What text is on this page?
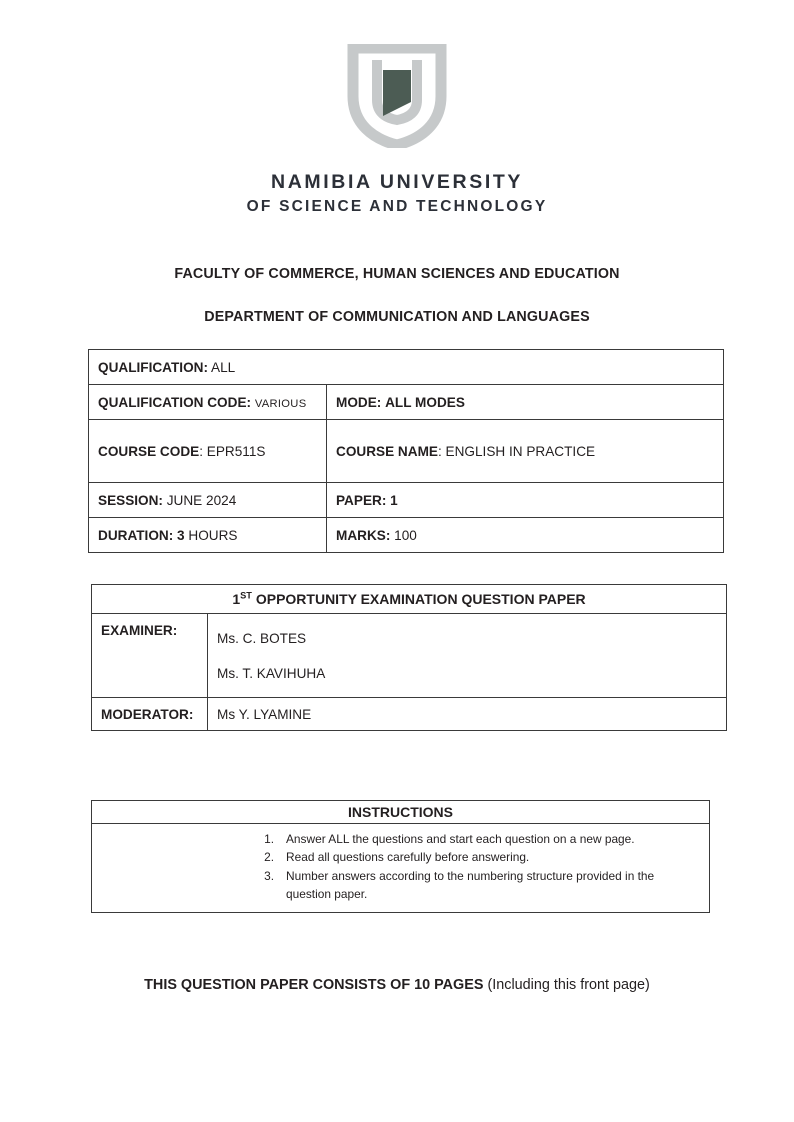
NAMIBIA UNIVERSITY
OF SCIENCE AND TECHNOLOGY
FACULTY OF COMMERCE, HUMAN SCIENCES AND EDUCATION
DEPARTMENT OF COMMUNICATION AND LANGUAGES
QUALIFICATION: ALL	
QUALIFICATION CODE: VARIOUS	MODE: ALL MODES
COURSE CODE: EPR511S	COURSE NAME: ENGLISH IN PRACTICE
SESSION: JUNE 2024	PAPER: 1
DURATION: 3 HOURS	MARKS: 100
1ST OPPORTUNITY EXAMINATION QUESTION PAPER	
EXAMINER:	Ms. C. BOTES
Ms. T. KAVIHUHA

MODERATOR:	Ms Y. LYAMINE
INSTRUCTIONS

1.	Answer ALL the questions and start each question on a new page.
2.	Read all questions carefully before answering.
3.	Number answers according to the numbering structure provided in the question paper.
THIS QUESTION PAPER CONSISTS OF 10 PAGES (Including this front page)
